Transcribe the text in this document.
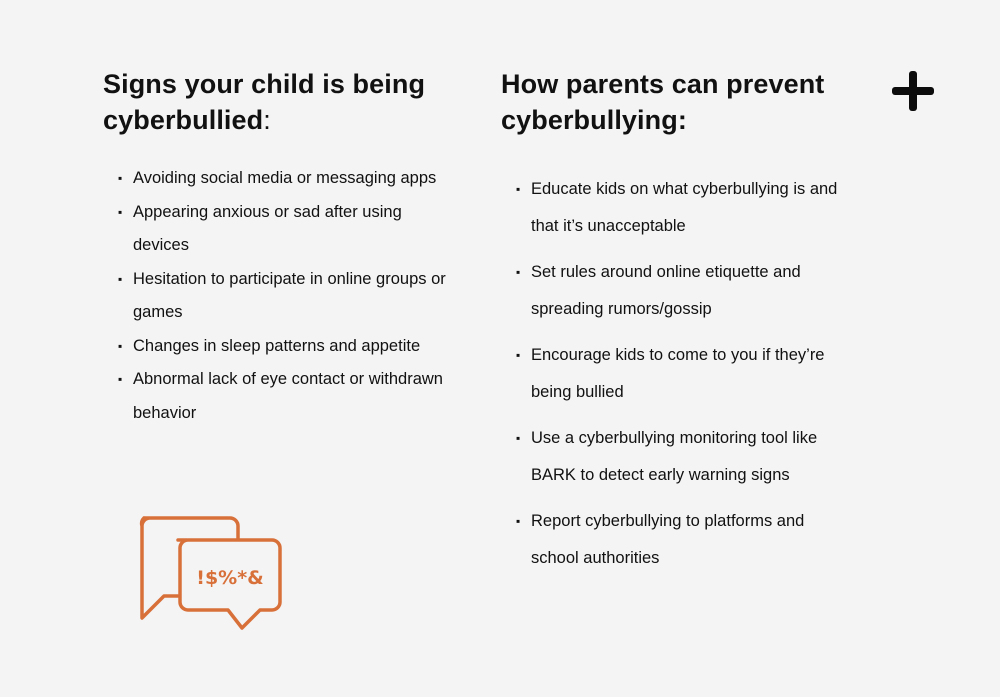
Signs your child is being cyberbullied:
▪ Avoiding social media or messaging apps
▪ Appearing anxious or sad after using devices
▪ Hesitation to participate in online groups or games
▪ Changes in sleep patterns and appetite
▪ Abnormal lack of eye contact or withdrawn behavior
How parents can prevent cyberbullying:
▪ Educate kids on what cyberbullying is and that it’s unacceptable
▪ Set rules around online etiquette and spreading rumors/gossip
▪ Encourage kids to come to you if they’re being bullied
▪ Use a cyberbullying monitoring tool like BARK to detect early warning signs
▪ Report cyberbullying to platforms and school authorities
!$%*&
